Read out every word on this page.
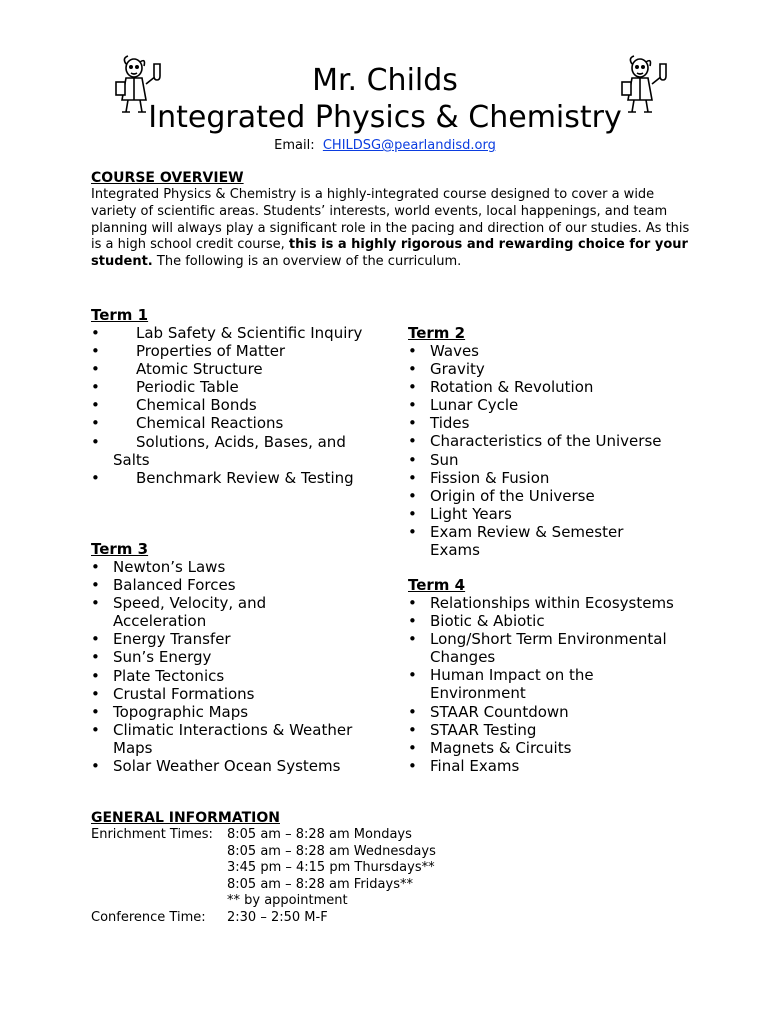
Mr. Childs
Integrated Physics & Chemistry
Email: CHILDSG@pearlandisd.org
COURSE OVERVIEW

Integrated Physics & Chemistry is a highly-integrated course designed to cover a wide variety of scientific areas. Students’ interests, world events, local happenings, and team planning will always play a significant role in the pacing and direction of our studies. As this is a high school credit course, this is a highly rigorous and rewarding choice for your student. The following is an overview of the curriculum.

Term 1
• Lab Safety & Scientific Inquiry
• Properties of Matter
• Atomic Structure
• Periodic Table
• Chemical Bonds
• Chemical Reactions
• Solutions, Acids, Bases, and Salts
• Benchmark Review & Testing
Term 2
• Waves
• Gravity
• Rotation & Revolution
• Lunar Cycle
• Tides
• Characteristics of the Universe
• Sun
• Fission & Fusion
• Origin of the Universe
• Light Years
• Exam Review & Semester Exams
Term 3
• Newton’s Laws
• Balanced Forces
• Speed, Velocity, and Acceleration
• Energy Transfer
• Sun’s Energy
• Plate Tectonics
• Crustal Formations
• Topographic Maps
• Climatic Interactions & Weather Maps
• Solar Weather Ocean Systems
Term 4
• Relationships within Ecosystems
• Biotic & Abiotic
• Long/Short Term Environmental Changes
• Human Impact on the Environment
• STAAR Countdown
• STAAR Testing
• Magnets & Circuits
• Final Exams
GENERAL INFORMATION
Enrichment Times:	8:05 am – 8:28 am Mondays
	8:05 am – 8:28 am Wednesdays
	3:45 pm – 4:15 pm Thursdays**
	8:05 am – 8:28 am Fridays**
	** by appointment
Conference Time:	2:30 – 2:50 M-F
